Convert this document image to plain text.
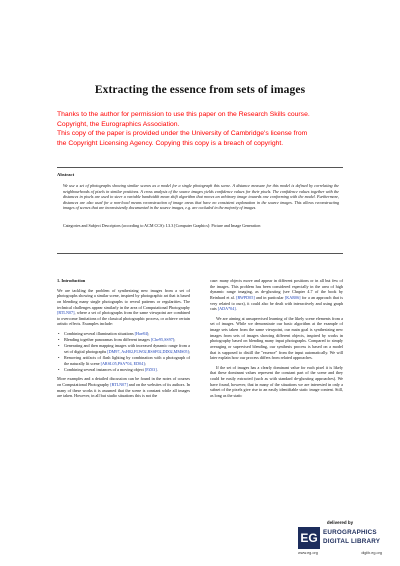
Extracting the essence from sets of images
Thanks to the author for permission to use this paper on the Research Skills course.
Copyright, the Eurographics Association.
This copy of the paper is provided under the University of Cambridge's license from
the Copyright Licensing Agency. Copying this copy is a breach of copyright.
Abstract
We use a set of photographs showing similar scenes as a model for a single photograph this scene. A distance measure for this model is defined by correlating the neighbourhoods of pixels in similar positions. A cross analysis of the source images yields confidence values for their pixels. The confidence values together with the distances in pixels are used to steer a variable bandwidth mean shift algorithm that moves an arbitrary image towards one conforming with the model. Furthermore, distances are also used for a non-local means reconstruction of image areas that have no consistent explanation in the source images. This allows reconstructing images of scenes that are inconsistently documented in the source images, e.g. are occluded in the majority of images.
Categories and Subject Descriptors (according to ACM CCS): I.3.3 [Computer Graphics]: Picture and Image Generation
1. Introduction

We are tackling the problem of synthesizing new images from a set of photographs showing a similar scene, inspired by photographic art that is based on blending many single photographs to reveal patterns or regularities. The technical challenges appear similarly in the area of Computational Photography [RTLN07], where a set of photographs from the same viewpoint are combined to overcome limitations of the classical photographic process, or achieve certain artistic effects. Examples include:

• Combining several illumination situations [Hae84];
• Blending together panoramas from different images [Che95,SS97];
• Generating and then mapping images with increased dynamic range from a set of digital photographs [DM97, AsH02,FLW02,RSSF02,DD02,MMS05];
• Removing artifacts of flash lighting by combination with a photograph of the naturally lit scene [ARSL05,PSA*04, ED04];
• Combining several instances of a moving object [FZ03].

More examples and a detailed discussion can be found in the notes of courses on Computational Photography [RTLN07] and on the websites of its authors. In many of these works it is assumed that the scene is constant while all images are taken. However, in all but studio situations this is not the

case: many objects move and appear in different positions or in all but few of the images. This problem has been considered especially in the area of high dynamic range imaging, as de-ghosting (see Chapter 4.7 of the book by Reinhard et al. [RWPD05] and in particular [KAR06] for a an approach that is very related to ours), it could also be dealt with interactively and using graph cuts [ADA*04].

We are aiming at unsupervised learning of the likely scene elements from a set of images. While we demonstrate our basic algorithm at the example of image sets taken from the same viewpoint, our main goal is synthesizing new images from sets of images showing different objects, inspired by works in photography based on blending many input photographs. Compared to simply averaging or supervised blending, our synthesis process is based on a model that is supposed to distill the "essence" from the input automatically. We will later explain how our process differs from related approaches.

If the set of images has a clearly dominant value for each pixel it is likely that these dominant values represent the constant part of the scene and they could be easily extracted (such as with standard de-ghosting approaches). We have found, however, that in many of the situations we are interested in only a subset of the pixels give rise to an easily identifiable static image content. Still, as long as the static

delivered by
EG EUROGRAPHICS
DIGITAL LIBRARY
www.eg.org	diglib.eg.org
